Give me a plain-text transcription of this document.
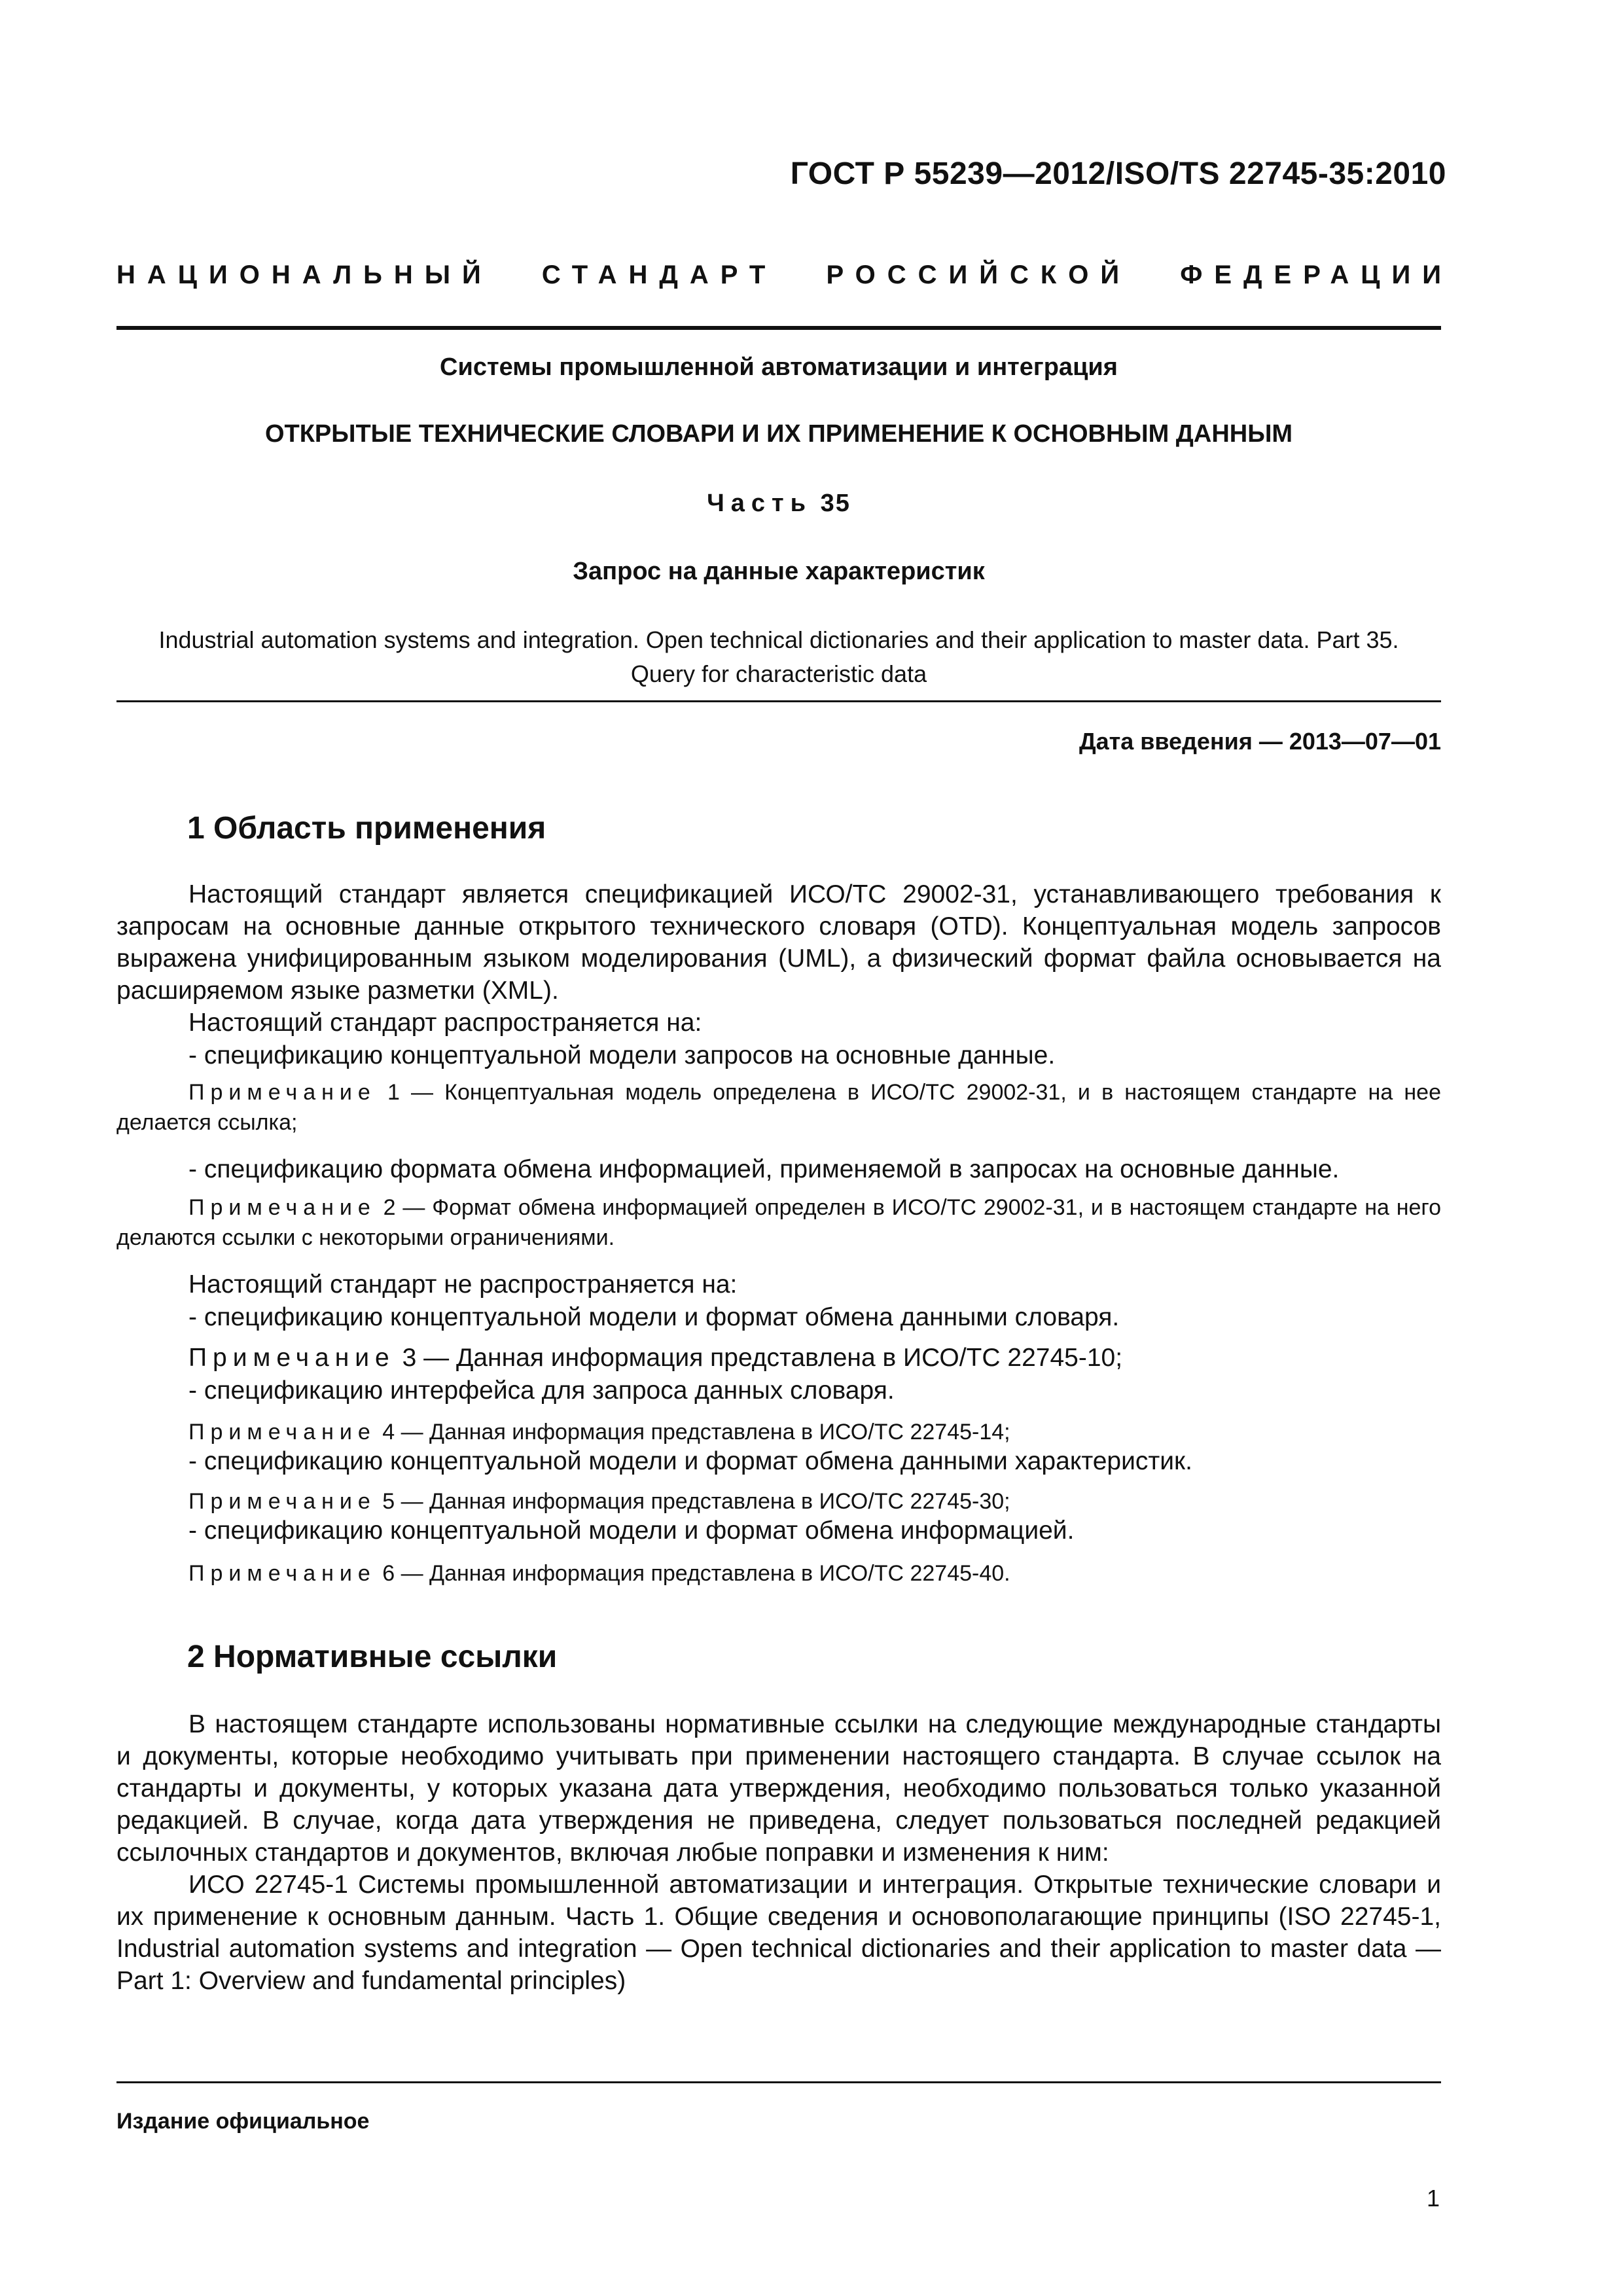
ГОСТ Р 55239—2012/ISO/TS 22745-35:2010
НАЦИОНАЛЬНЫЙ СТАНДАРТ РОССИЙСКОЙ ФЕДЕРАЦИИ
Системы промышленной автоматизации и интеграция
ОТКРЫТЫЕ ТЕХНИЧЕСКИЕ СЛОВАРИ И ИХ ПРИМЕНЕНИЕ К ОСНОВНЫМ ДАННЫМ
Часть 35
Запрос на данные характеристик
Industrial automation systems and integration. Open technical dictionaries and their application to master data. Part 35.
Query for characteristic data
Дата введения — 2013—07—01
1 Область применения
Настоящий стандарт является спецификацией ИСО/ТС 29002-31, устанавливающего требования к запросам на основные данные открытого технического словаря (OTD). Концептуальная модель запросов выражена унифицированным языком моделирования (UML), а физический формат файла основывается на расширяемом языке разметки (XML).
Настоящий стандарт распространяется на:
- спецификацию концептуальной модели запросов на основные данные.
Примечание 1 — Концептуальная модель определена в ИСО/ТС 29002-31, и в настоящем стандарте на нее делается ссылка;
- спецификацию формата обмена информацией, применяемой в запросах на основные данные.
Примечание 2 — Формат обмена информацией определен в ИСО/ТС 29002-31, и в настоящем стандарте на него делаются ссылки с некоторыми ограничениями.
Настоящий стандарт не распространяется на:
- спецификацию концептуальной модели и формат обмена данными словаря.
Примечание 3 — Данная информация представлена в ИСО/ТС 22745-10;
- спецификацию интерфейса для запроса данных словаря.
Примечание 4 — Данная информация представлена в ИСО/ТС 22745-14;
- спецификацию концептуальной модели и формат обмена данными характеристик.
Примечание 5 — Данная информация представлена в ИСО/ТС 22745-30;
- спецификацию концептуальной модели и формат обмена информацией.
Примечание 6 — Данная информация представлена в ИСО/ТС 22745-40.
2 Нормативные ссылки
В настоящем стандарте использованы нормативные ссылки на следующие международные стандарты и документы, которые необходимо учитывать при применении настоящего стандарта. В случае ссылок на стандарты и документы, у которых указана дата утверждения, необходимо пользоваться только указанной редакцией. В случае, когда дата утверждения не приведена, следует пользоваться последней редакцией ссылочных стандартов и документов, включая любые поправки и изменения к ним:
ИСО 22745-1 Системы промышленной автоматизации и интеграция. Открытые технические словари и их применение к основным данным. Часть 1. Общие сведения и основополагающие принципы (ISO 22745-1, Industrial automation systems and integration — Open technical dictionaries and their application to master data — Part 1: Overview and fundamental principles)
Издание официальное
1
